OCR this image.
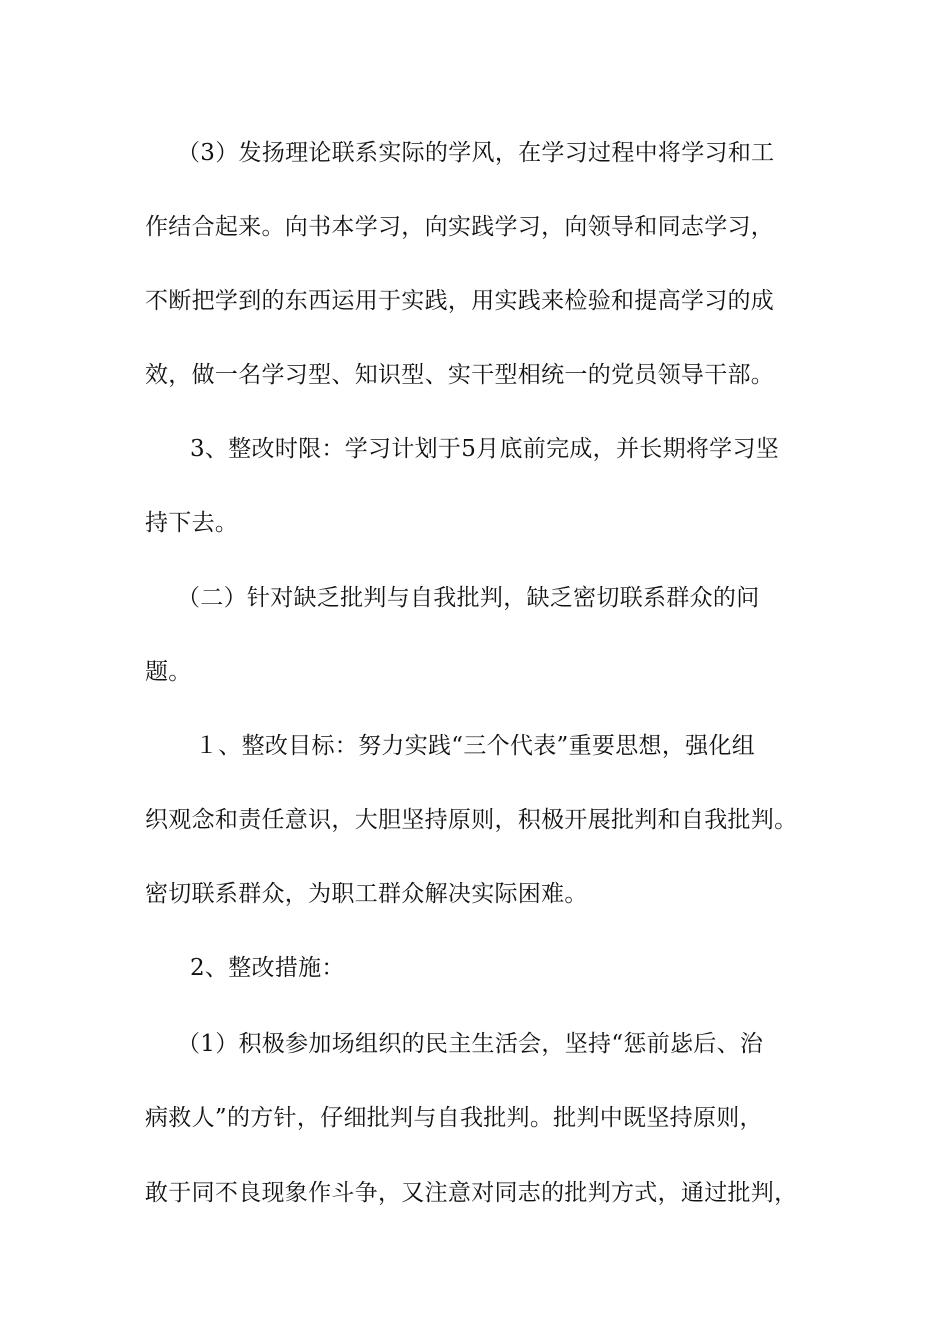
（3）发扬理论联系实际的学风，在学习过程中将学习和工
作结合起来。向书本学习，向实践学习，向领导和同志学习，
不断把学到的东西运用于实践，用实践来检验和提高学习的成
效，做一名学习型、知识型、实干型相统一的党员领导干部。
3、整改时限：学习计划于5月底前完成，并长期将学习坚
持下去。
（二）针对缺乏批判与自我批判，缺乏密切联系群众的问
题。
１、整改目标：努力实践“三个代表”重要思想，强化组
织观念和责任意识，大胆坚持原则，积极开展批判和自我批判。
密切联系群众，为职工群众解决实际困难。
2、整改措施：
（1）积极参加场组织的民主生活会，坚持“惩前毖后、治
病救人”的方针，仔细批判与自我批判。批判中既坚持原则，
敢于同不良现象作斗争，又注意对同志的批判方式，通过批判，
